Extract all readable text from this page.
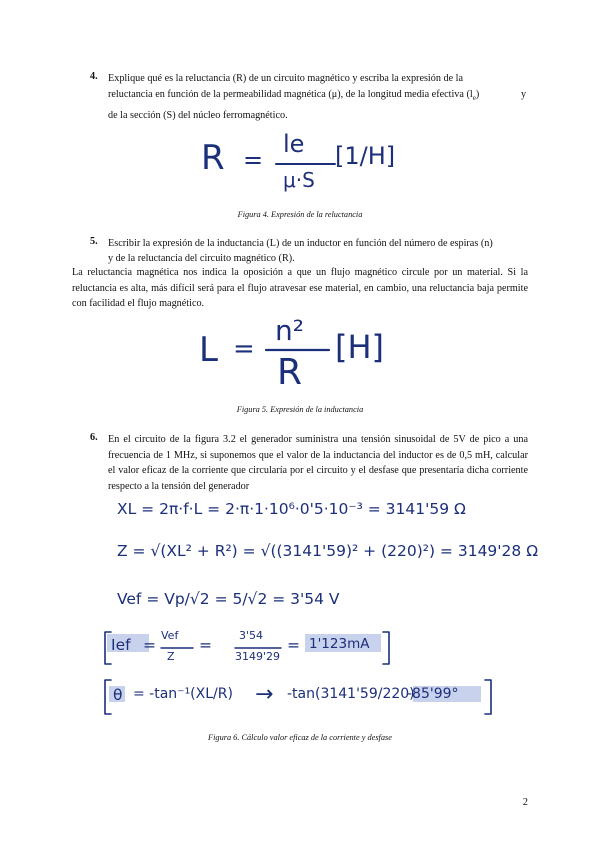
4. Explique qué es la reluctancia (R) de un circuito magnético y escriba la expresión de la
reluctancia en función de la permeabilidad magnética (μ), de la longitud media efectiva $(l_e)$	y
de la sección (S) del núcleo ferromagnético.
R =
le
μ·S
[1/H]
Figura 4. Expresión de la reluctancia
5. Escribir la expresión de la inductancia (L) de un inductor en función del número de espiras (n)
y de la reluctancia del circuito magnético (R).
La reluctancia magnética nos indica la oposición a que un flujo magnético circule por un material. Si la reluctancia es alta, más difícil será para el flujo atravesar ese material, en cambio, una reluctancia baja permite con facilidad el flujo magnético.
L =
n²
R
[H]
Figura 5. Expresión de la inductancia
6. En el circuito de la figura 3.2 el generador suministra una tensión sinusoidal de 5V de pico a una frecuencia de 1 MHz, si suponemos que el valor de la inductancia del inductor es de 0,5 mH, calcular el valor eficaz de la corriente que circularía por el circuito y el desfase que presentaría dicha corriente respecto a la tensión del generador
XL = 2π·f·L = 2·π·1·10⁶·0'5·10⁻³ = 3141'59 Ω
Z = √(XL² + R²) = √((3141'59)² + (220)²) = 3149'28 Ω
Vef = Vp/√2 = 5/√2 = 3'54 V
Ief =
Vef
Z
=
3'54
3149'29
= 1'123mA
θ = -tan⁻¹(XL/R) → -tan(3141'59/220)
-85'99°
Figura 6. Cálculo valor eficaz de la corriente y desfase
2
